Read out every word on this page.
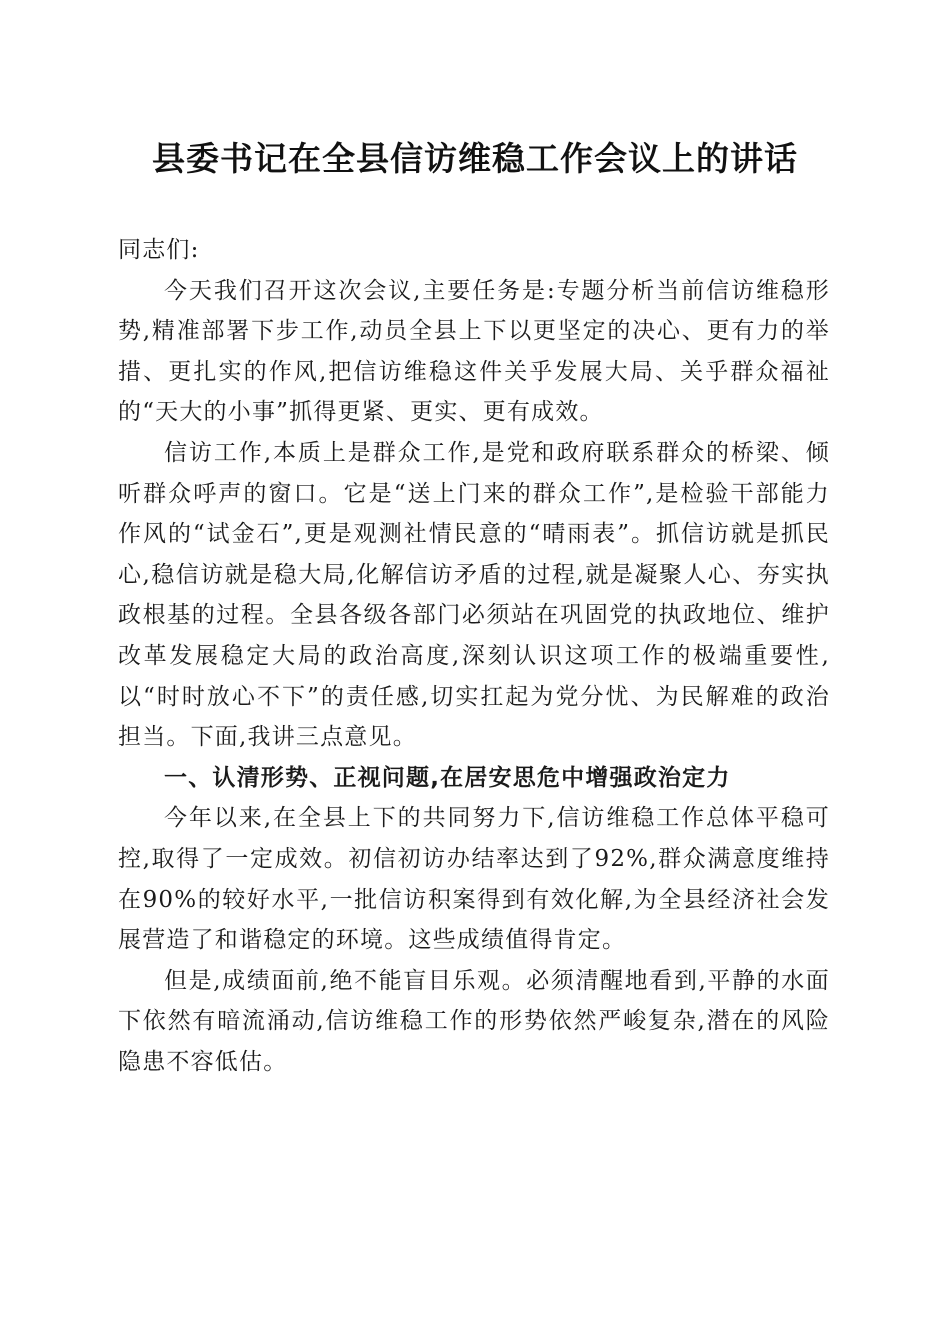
县委书记在全县信访维稳工作会议上的讲话

同志们:

今天我们召开这次会议,主要任务是:专题分析当前信访维稳形势,精准部署下步工作,动员全县上下以更坚定的决心、更有力的举措、更扎实的作风,把信访维稳这件关乎发展大局、关乎群众福祉的“天大的小事”抓得更紧、更实、更有成效。

信访工作,本质上是群众工作,是党和政府联系群众的桥梁、倾听群众呼声的窗口。它是“送上门来的群众工作”,是检验干部能力作风的“试金石”,更是观测社情民意的“晴雨表”。抓信访就是抓民心,稳信访就是稳大局,化解信访矛盾的过程,就是凝聚人心、夯实执政根基的过程。全县各级各部门必须站在巩固党的执政地位、维护改革发展稳定大局的政治高度,深刻认识这项工作的极端重要性,以“时时放心不下”的责任感,切实扛起为党分忧、为民解难的政治担当。下面,我讲三点意见。

一、认清形势、正视问题,在居安思危中增强政治定力

今年以来,在全县上下的共同努力下,信访维稳工作总体平稳可控,取得了一定成效。初信初访办结率达到了92%,群众满意度维持在90%的较好水平,一批信访积案得到有效化解,为全县经济社会发展营造了和谐稳定的环境。这些成绩值得肯定。

但是,成绩面前,绝不能盲目乐观。必须清醒地看到,平静的水面下依然有暗流涌动,信访维稳工作的形势依然严峻复杂,潜在的风险隐患不容低估。
